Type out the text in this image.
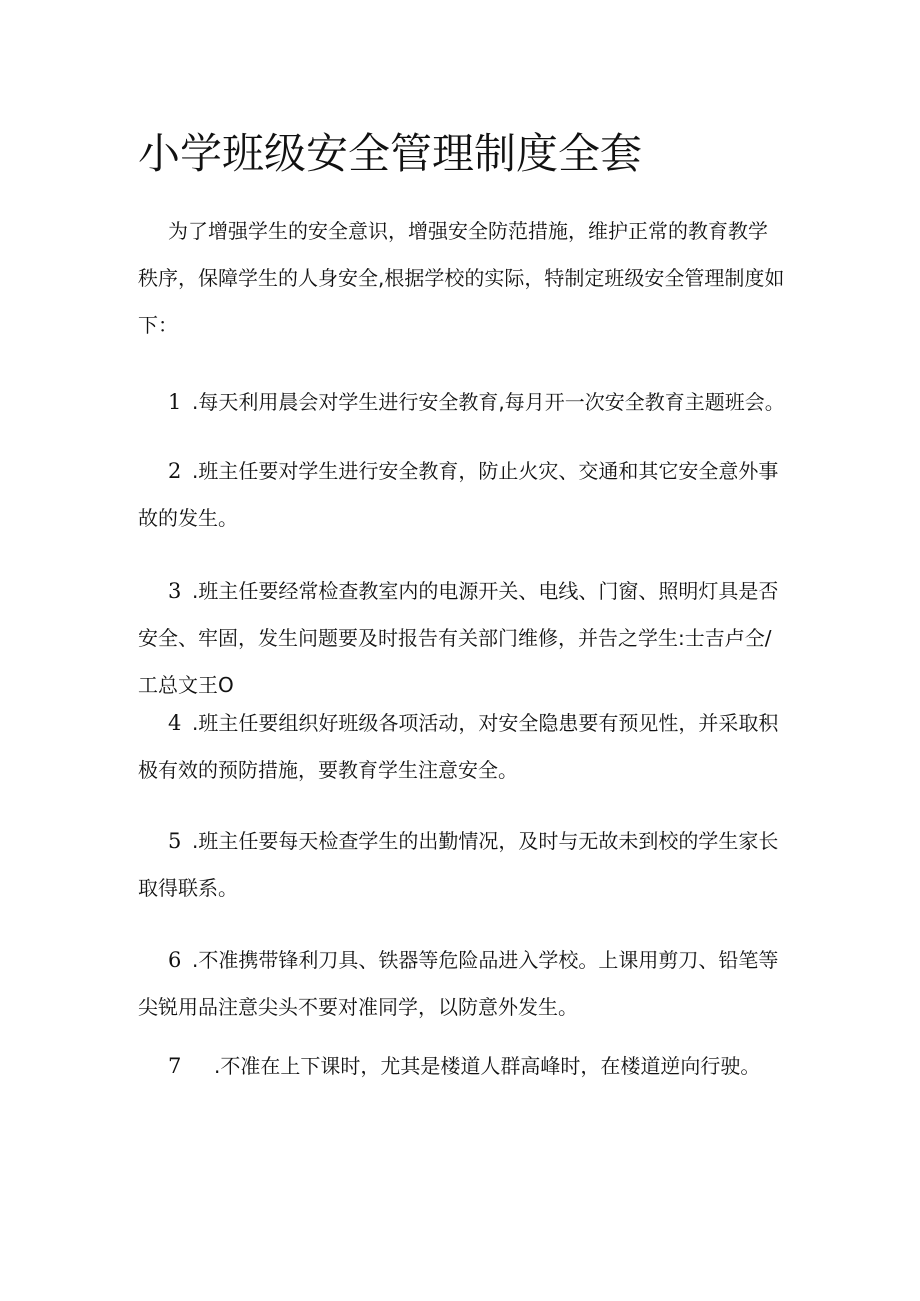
小学班级安全管理制度全套
为了增强学生的安全意识，增强安全防范措施，维护正常的教育教学
秩序，保障学生的人身安全,根据学校的实际，特制定班级安全管理制度如
下：
1 .每天利用晨会对学生进行安全教育,每月开一次安全教育主题班会。
2 .班主任要对学生进行安全教育，防止火灾、交通和其它安全意外事
故的发生。
3 .班主任要经常检查教室内的电源开关、电线、门窗、照明灯具是否
安全、牢固，发生问题要及时报告有关部门维修，并告之学生:士吉卢仝/
工总文王O
4 .班主任要组织好班级各项活动，对安全隐患要有预见性，并采取积
极有效的预防措施，要教育学生注意安全。
5 .班主任要每天检查学生的出勤情况，及时与无故未到校的学生家长
取得联系。
6 .不准携带锋利刀具、铁器等危险品进入学校。上课用剪刀、铅笔等
尖锐用品注意尖头不要对准同学，以防意外发生。
7 .不准在上下课时，尤其是楼道人群高峰时，在楼道逆向行驶。
